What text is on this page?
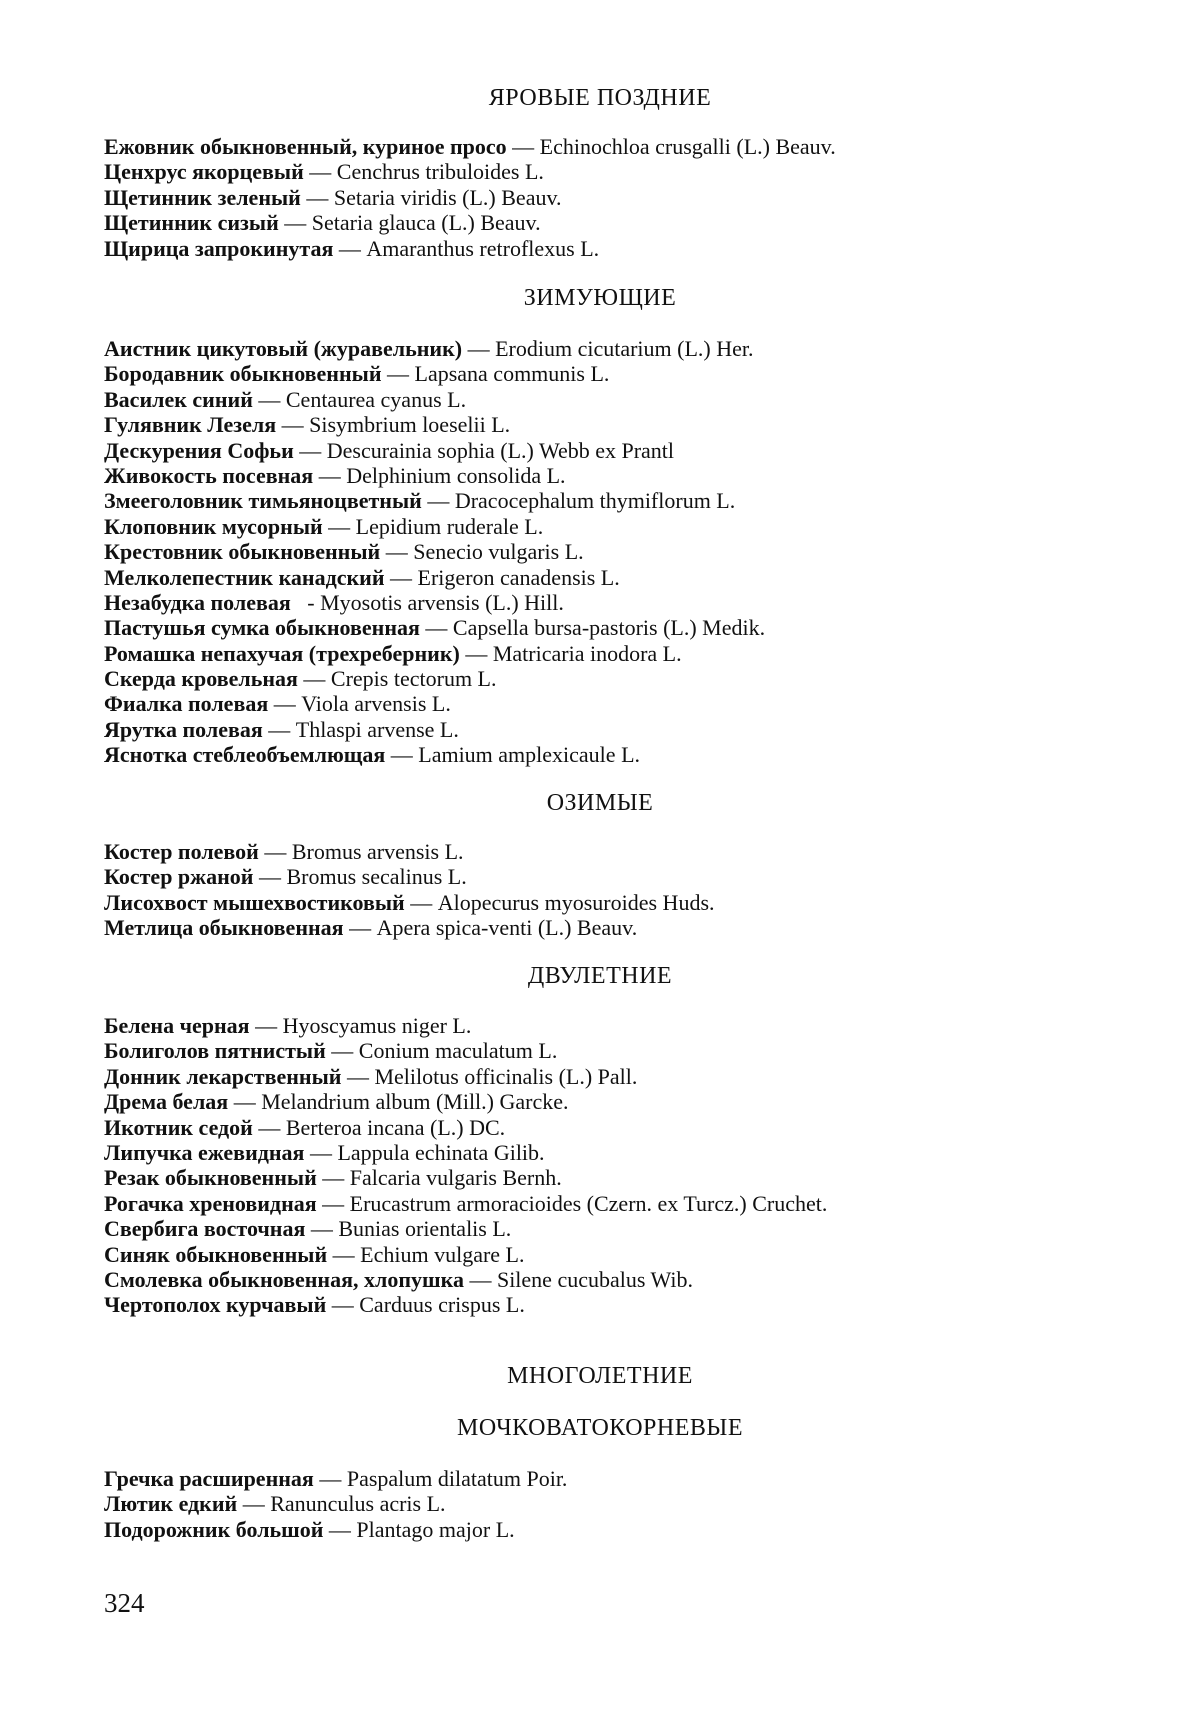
ЯРОВЫЕ ПОЗДНИЕ
Ежовник обыкновенный, куриное просо — Echinochloa crusgalli (L.) Beauv.
Ценхрус якорцевый — Cenchrus tribuloides L.
Щетинник зеленый — Setaria viridis (L.) Beauv.
Щетинник сизый — Setaria glauca (L.) Beauv.
Щирица запрокинутая — Amaranthus retroflexus L.
ЗИМУЮЩИЕ
Аистник цикутовый (журавельник) — Erodium cicutarium (L.) Her.
Бородавник обыкновенный — Lapsana communis L.
Василек синий — Centaurea cyanus L.
Гулявник Лезеля — Sisymbrium loeselii L.
Дескурения Софьи — Descurainia sophia (L.) Webb ex Prantl
Живокость посевная — Delphinium consolida L.
Змееголовник тимьяноцветный — Dracocephalum thymiflorum L.
Клоповник мусорный — Lepidium ruderale L.
Крестовник обыкновенный — Senecio vulgaris L.
Мелколепестник канадский — Erigeron canadensis L.
Незабудка полевая   - Myosotis arvensis (L.) Hill.
Пастушья сумка обыкновенная — Capsella bursa-pastoris (L.) Medik.
Ромашка непахучая (трехреберник) — Matricaria inodora L.
Скерда кровельная — Crepis tectorum L.
Фиалка полевая — Viola arvensis L.
Ярутка полевая — Thlaspi arvense L.
Яснотка стеблеобъемлющая — Lamium amplexicaule L.
ОЗИМЫЕ
Костер полевой — Bromus arvensis L.
Костер ржаной — Bromus secalinus L.
Лисохвост мышехвостиковый — Alopecurus myosuroides Huds.
Метлица обыкновенная — Apera spica-venti (L.) Beauv.
ДВУЛЕТНИЕ
Белена черная — Hyoscyamus niger L.
Болиголов пятнистый — Conium maculatum L.
Донник лекарственный — Melilotus officinalis (L.) Pall.
Дрема белая — Melandrium album (Mill.) Garcke.
Икотник седой — Berteroa incana (L.) DC.
Липучка ежевидная — Lappula echinata Gilib.
Резак обыкновенный — Falcaria vulgaris Bernh.
Рогачка хреновидная — Erucastrum armoracioides (Czern. ex Turcz.) Cruchet.
Свербига восточная — Bunias orientalis L.
Синяк обыкновенный — Echium vulgare L.
Смолевка обыкновенная, хлопушка — Silene cucubalus Wib.
Чертополох курчавый — Carduus crispus L.
МНОГОЛЕТНИЕ
МОЧКОВАТОКОРНЕВЫЕ
Гречка расширенная — Paspalum dilatatum Poir.
Лютик едкий — Ranunculus acris L.
Подорожник большой — Plantago major L.
324
